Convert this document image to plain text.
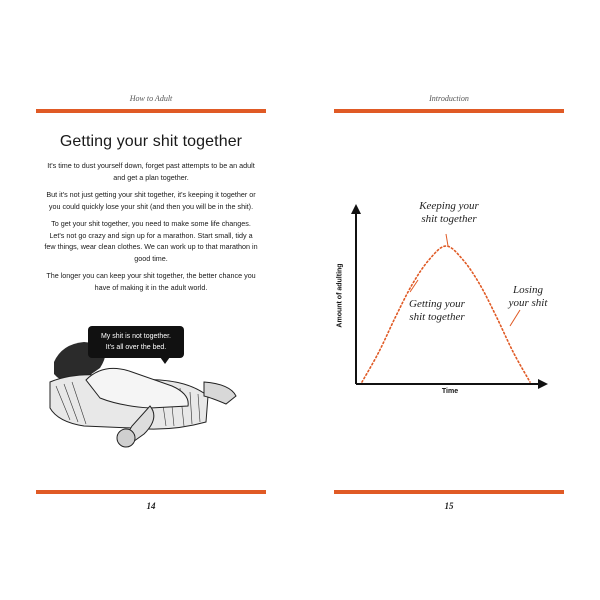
How to Adult
Getting your shit together

It's time to dust yourself down, forget past attempts to be an adult and get a plan together.

But it's not just getting your shit together, it's keeping it together or you could quickly lose your shit (and then you will be in the shit).

To get your shit together, you need to make some life changes. Let's not go crazy and sign up for a marathon. Start small, tidy a few things, wear clean clothes. We can work up to that marathon in good time.

The longer you can keep your shit together, the better chance you have of making it in the adult world.

My shit is not together.
It's all over the bed.
14
Introduction
15
Keeping your
shit together
Getting your
shit together
Losing
your shit
Amount of adulting
Time
